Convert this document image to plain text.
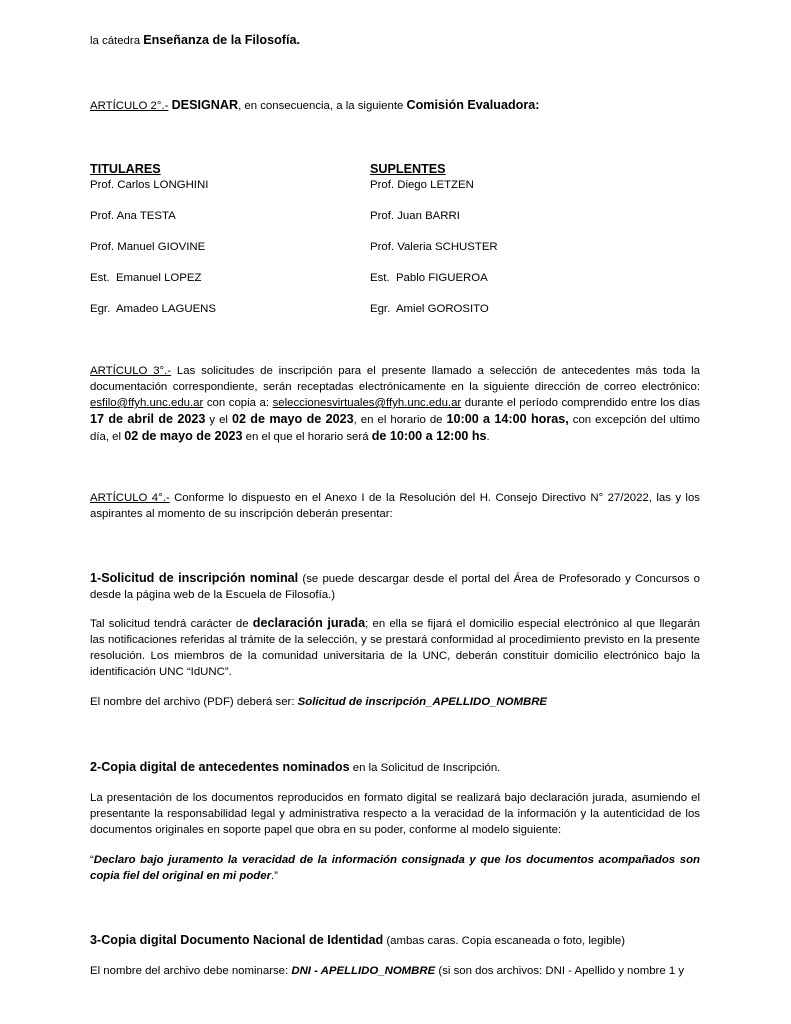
la cátedra Enseñanza de la Filosofía.
ARTÍCULO 2°.- DESIGNAR, en consecuencia, a la siguiente Comisión Evaluadora:
TITULARES
Prof. Carlos LONGHINI
Prof. Ana TESTA
Prof. Manuel GIOVINE
Est.  Emanuel LOPEZ
Egr.  Amadeo LAGUENS
SUPLENTES
Prof. Diego LETZEN
Prof. Juan BARRI
Prof. Valeria SCHUSTER
Est.  Pablo FIGUEROA
Egr.  Amiel GOROSITO
ARTÍCULO 3°.- Las solicitudes de inscripción para el presente llamado a selección de antecedentes más toda la documentación correspondiente, serán receptadas electrónicamente en la siguiente dirección de correo electrónico: esfilo@ffyh.unc.edu.ar con copia a: seleccionesvirtuales@ffyh.unc.edu.ar durante el período comprendido entre los días 17 de abril de 2023 y el 02 de mayo de 2023, en el horario de 10:00 a 14:00 horas, con excepción del ultimo día, el 02 de mayo de 2023 en el que el horario será de 10:00 a 12:00 hs.
ARTÍCULO 4°.- Conforme lo dispuesto en el Anexo I de la Resolución del H. Consejo Directivo N° 27/2022, las y los aspirantes al momento de su inscripción deberán presentar:
1-Solicitud de inscripción nominal (se puede descargar desde el portal del Área de Profesorado y Concursos o desde la página web de la Escuela de Filosofía.)
Tal solicitud tendrá carácter de declaración jurada; en ella se fijará el domicilio especial electrónico al que llegarán las notificaciones referidas al trámite de la selección, y se prestará conformidad al procedimiento previsto en la presente resolución. Los miembros de la comunidad universitaria de la UNC, deberán constituir domicilio electrónico bajo la identificación UNC “IdUNC”.
El nombre del archivo (PDF) deberá ser: Solicitud de inscripción_APELLIDO_NOMBRE
2-Copia digital de antecedentes nominados en la Solicitud de Inscripción.
La presentación de los documentos reproducidos en formato digital se realizará bajo declaración jurada, asumiendo el presentante la responsabilidad legal y administrativa respecto a la veracidad de la información y la autenticidad de los documentos originales en soporte papel que obra en su poder, conforme al modelo siguiente:
“Declaro bajo juramento la veracidad de la información consignada y que los documentos acompañados son copia fiel del original en mi poder.”
3-Copia digital Documento Nacional de Identidad (ambas caras. Copia escaneada o foto, legible)
El nombre del archivo debe nominarse: DNI - APELLIDO_NOMBRE (si son dos archivos: DNI - Apellido y nombre 1 y
